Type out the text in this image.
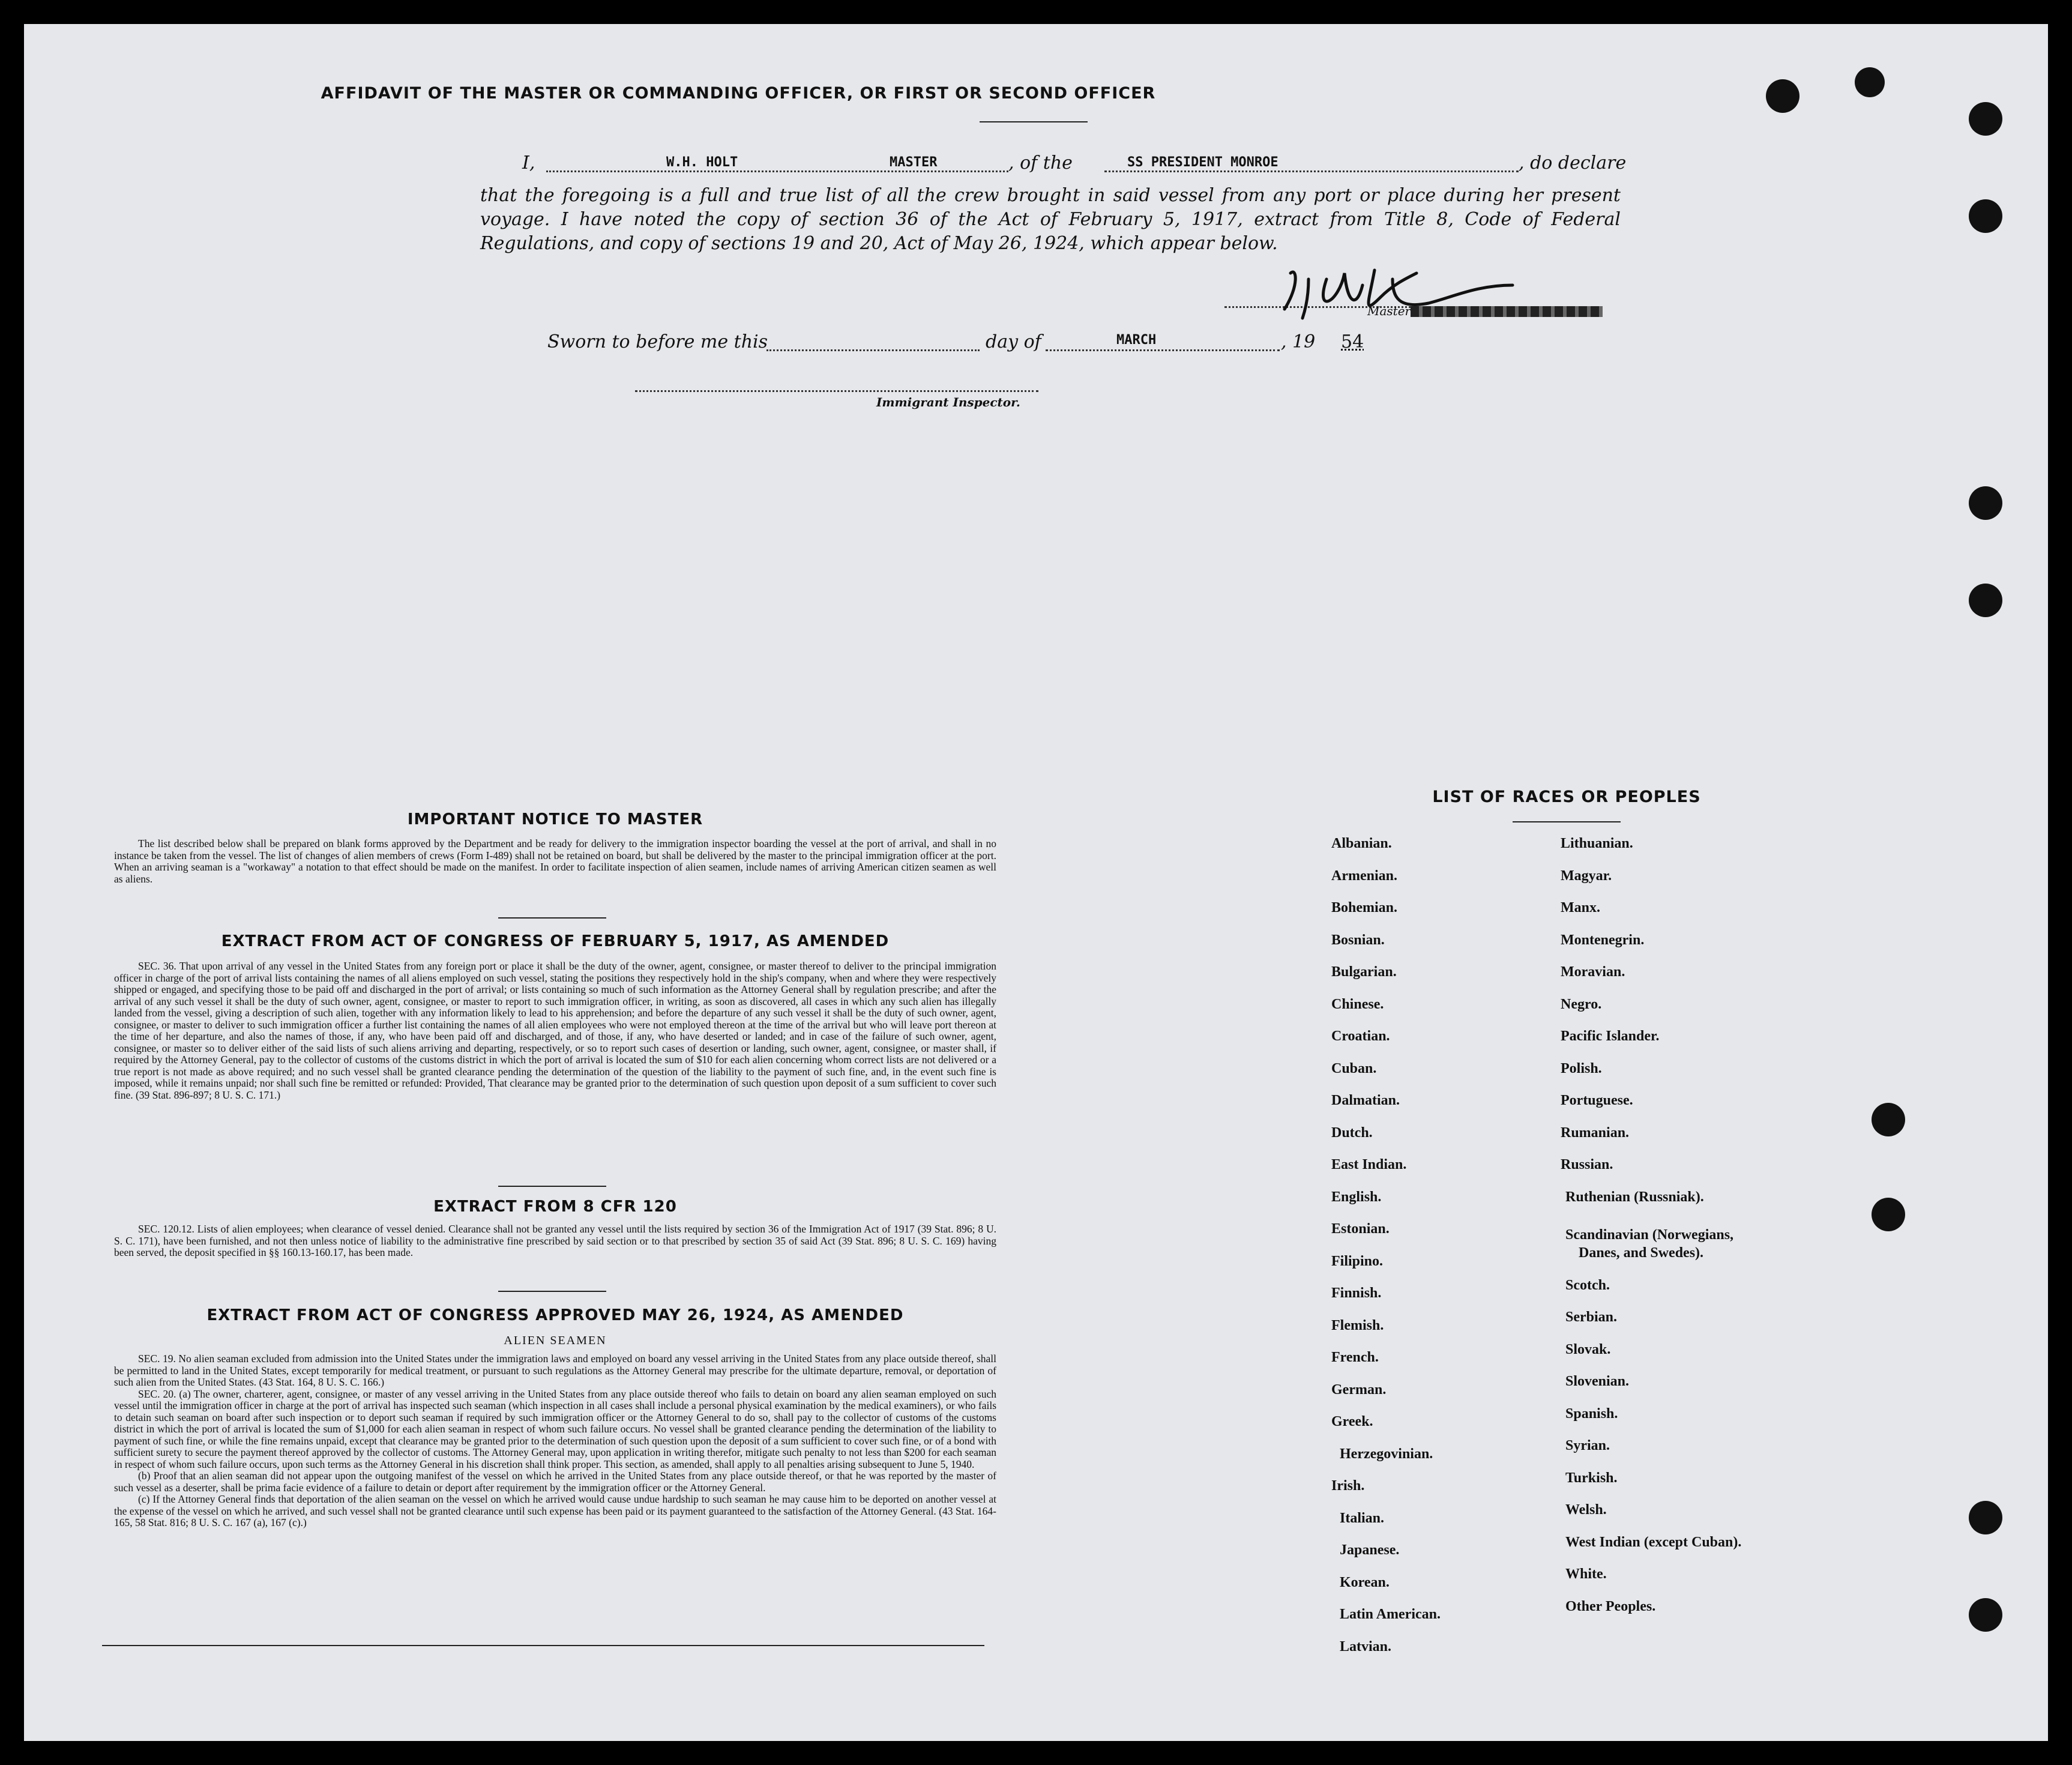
AFFIDAVIT OF THE MASTER OR COMMANDING OFFICER, OR FIRST OR SECOND OFFICER
I,	W.H. HOLT	MASTER	, of the	SS PRESIDENT MONROE	, do declare
that the foregoing is a full and true list of all the crew brought in said vessel from any port or place during her present voyage. I have noted the copy of section 36 of the Act of February 5, 1917, extract from Title 8, Code of Federal Regulations, and copy of sections 19 and 20, Act of May 26, 1924, which appear below.
Master
Sworn to before me this	day of	MARCH	, 19 54
Immigrant Inspector.
IMPORTANT NOTICE TO MASTER

The list described below shall be prepared on blank forms approved by the Department and be ready for delivery to the immigration inspector boarding the vessel at the port of arrival, and shall in no instance be taken from the vessel. The list of changes of alien members of crews (Form I-489) shall not be retained on board, but shall be delivered by the master to the principal immigration officer at the port. When an arriving seaman is a "workaway" a notation to that effect should be made on the manifest. In order to facilitate inspection of alien seamen, include names of arriving American citizen seamen as well as aliens.

EXTRACT FROM ACT OF CONGRESS OF FEBRUARY 5, 1917, AS AMENDED

SEC. 36. That upon arrival of any vessel in the United States from any foreign port or place it shall be the duty of the owner, agent, consignee, or master thereof to deliver to the principal immigration officer in charge of the port of arrival lists containing the names of all aliens employed on such vessel, stating the positions they respectively hold in the ship's company, when and where they were respectively shipped or engaged, and specifying those to be paid off and discharged in the port of arrival; or lists containing so much of such information as the Attorney General shall by regulation prescribe; and after the arrival of any such vessel it shall be the duty of such owner, agent, consignee, or master to report to such immigration officer, in writing, as soon as discovered, all cases in which any such alien has illegally landed from the vessel, giving a description of such alien, together with any information likely to lead to his apprehension; and before the departure of any such vessel it shall be the duty of such owner, agent, consignee, or master to deliver to such immigration officer a further list containing the names of all alien employees who were not employed thereon at the time of the arrival but who will leave port thereon at the time of her departure, and also the names of those, if any, who have been paid off and discharged, and of those, if any, who have deserted or landed; and in case of the failure of such owner, agent, consignee, or master so to deliver either of the said lists of such aliens arriving and departing, respectively, or so to report such cases of desertion or landing, such owner, agent, consignee, or master shall, if required by the Attorney General, pay to the collector of customs of the customs district in which the port of arrival is located the sum of $10 for each alien concerning whom correct lists are not delivered or a true report is not made as above required; and no such vessel shall be granted clearance pending the determination of the question of the liability to the payment of such fine, and, in the event such fine is imposed, while it remains unpaid; nor shall such fine be remitted or refunded: Provided, That clearance may be granted prior to the determination of such question upon deposit of a sum sufficient to cover such fine. (39 Stat. 896-897; 8 U. S. C. 171.)

EXTRACT FROM 8 CFR 120

SEC. 120.12. Lists of alien employees; when clearance of vessel denied. Clearance shall not be granted any vessel until the lists required by section 36 of the Immigration Act of 1917 (39 Stat. 896; 8 U. S. C. 171), have been furnished, and not then unless notice of liability to the administrative fine prescribed by said section or to that prescribed by section 35 of said Act (39 Stat. 896; 8 U. S. C. 169) having been served, the deposit specified in §§ 160.13-160.17, has been made.

EXTRACT FROM ACT OF CONGRESS APPROVED MAY 26, 1924, AS AMENDED
ALIEN SEAMEN

SEC. 19. No alien seaman excluded from admission into the United States under the immigration laws and employed on board any vessel arriving in the United States from any place outside thereof, shall be permitted to land in the United States, except temporarily for medical treatment, or pursuant to such regulations as the Attorney General may prescribe for the ultimate departure, removal, or deportation of such alien from the United States. (43 Stat. 164, 8 U. S. C. 166.)

SEC. 20. (a) The owner, charterer, agent, consignee, or master of any vessel arriving in the United States from any place outside thereof who fails to detain on board any alien seaman employed on such vessel until the immigration officer in charge at the port of arrival has inspected such seaman (which inspection in all cases shall include a personal physical examination by the medical examiners), or who fails to detain such seaman on board after such inspection or to deport such seaman if required by such immigration officer or the Attorney General to do so, shall pay to the collector of customs of the customs district in which the port of arrival is located the sum of $1,000 for each alien seaman in respect of whom such failure occurs. No vessel shall be granted clearance pending the determination of the liability to payment of such fine, or while the fine remains unpaid, except that clearance may be granted prior to the determination of such question upon the deposit of a sum sufficient to cover such fine, or of a bond with sufficient surety to secure the payment thereof approved by the collector of customs. The Attorney General may, upon application in writing therefor, mitigate such penalty to not less than $200 for each seaman in respect of whom such failure occurs, upon such terms as the Attorney General in his discretion shall think proper. This section, as amended, shall apply to all penalties arising subsequent to June 5, 1940.

(b) Proof that an alien seaman did not appear upon the outgoing manifest of the vessel on which he arrived in the United States from any place outside thereof, or that he was reported by the master of such vessel as a deserter, shall be prima facie evidence of a failure to detain or deport after requirement by the immigration officer or the Attorney General.

(c) If the Attorney General finds that deportation of the alien seaman on the vessel on which he arrived would cause undue hardship to such seaman he may cause him to be deported on another vessel at the expense of the vessel on which he arrived, and such vessel shall not be granted clearance until such expense has been paid or its payment guaranteed to the satisfaction of the Attorney General. (43 Stat. 164-165, 58 Stat. 816; 8 U. S. C. 167 (a), 167 (c).)

LIST OF RACES OR PEOPLES
Albanian.
Armenian.
Bohemian.
Bosnian.
Bulgarian.
Chinese.
Croatian.
Cuban.
Dalmatian.
Dutch.
East Indian.
English.
Estonian.
Filipino.
Finnish.
Flemish.
French.
German.
Greek.
Herzegovinian.
Irish.
Italian.
Japanese.
Korean.
Latin American.
Latvian.
Lithuanian.
Magyar.
Manx.
Montenegrin.
Moravian.
Negro.
Pacific Islander.
Polish.
Portuguese.
Rumanian.
Russian.
Ruthenian (Russniak).
Scandinavian (Norwegians,
Danes, and Swedes).
Scotch.
Serbian.
Slovak.
Slovenian.
Spanish.
Syrian.
Turkish.
Welsh.
West Indian (except Cuban).
White.
Other Peoples.
